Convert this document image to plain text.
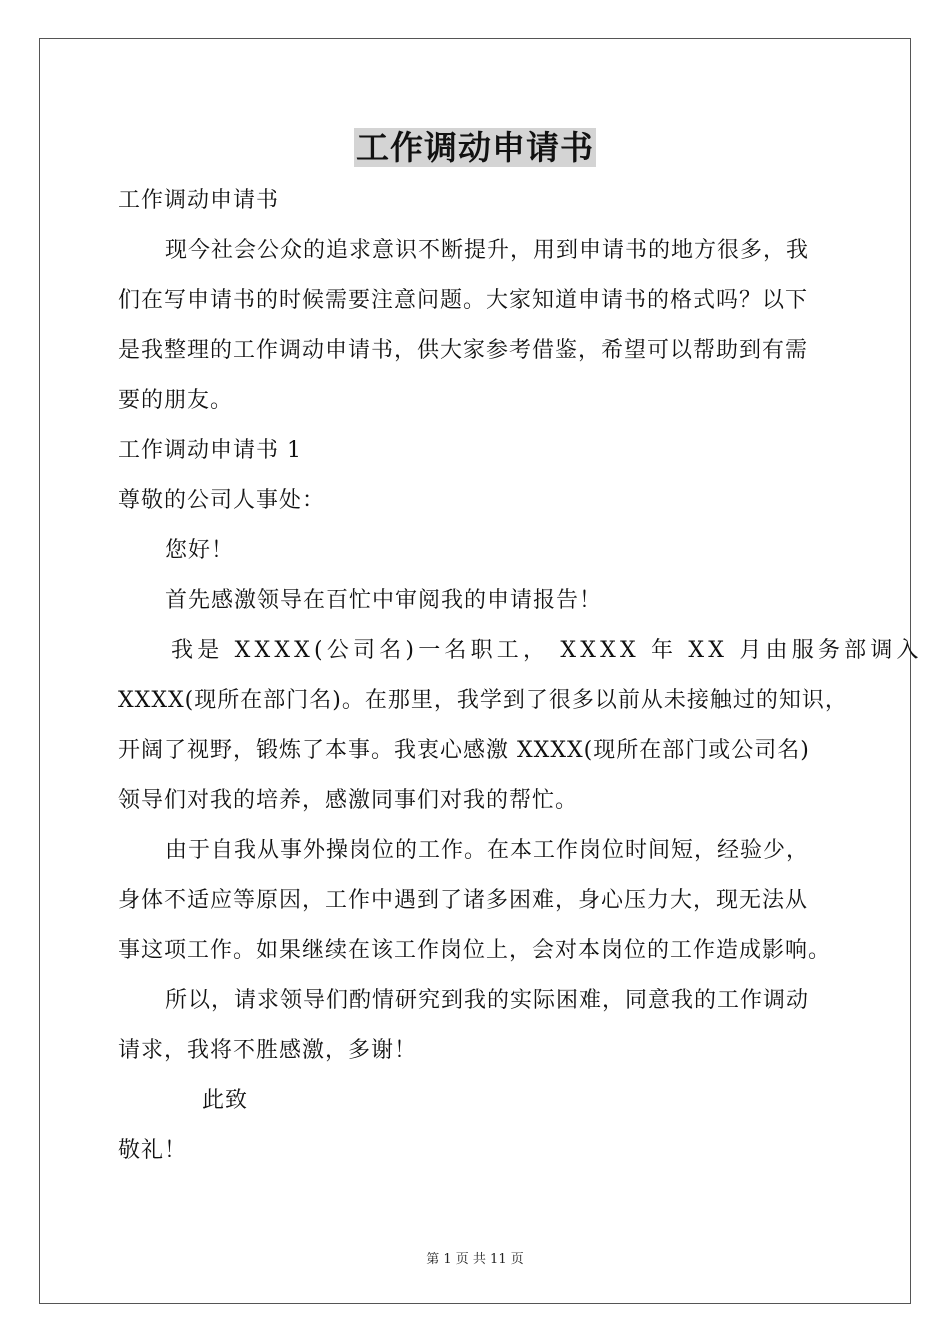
工作调动申请书
工作调动申请书
现今社会公众的追求意识不断提升，用到申请书的地方很多，我
们在写申请书的时候需要注意问题。大家知道申请书的格式吗？以下
是我整理的工作调动申请书，供大家参考借鉴，希望可以帮助到有需
要的朋友。
工作调动申请书 1
尊敬的公司人事处：
您好！
首先感激领导在百忙中审阅我的申请报告！
我是 XXXX(公司名)一名职工， XXXX 年 XX 月由服务部调入
XXXX(现所在部门名)。在那里，我学到了很多以前从未接触过的知识，
开阔了视野，锻炼了本事。我衷心感激 XXXX(现所在部门或公司名)
领导们对我的培养，感激同事们对我的帮忙。
由于自我从事外操岗位的工作。在本工作岗位时间短，经验少，
身体不适应等原因，工作中遇到了诸多困难，身心压力大，现无法从
事这项工作。如果继续在该工作岗位上，会对本岗位的工作造成影响。
所以，请求领导们酌情研究到我的实际困难，同意我的工作调动
请求，我将不胜感激，多谢！
此致
敬礼！
第 1 页 共 11 页
